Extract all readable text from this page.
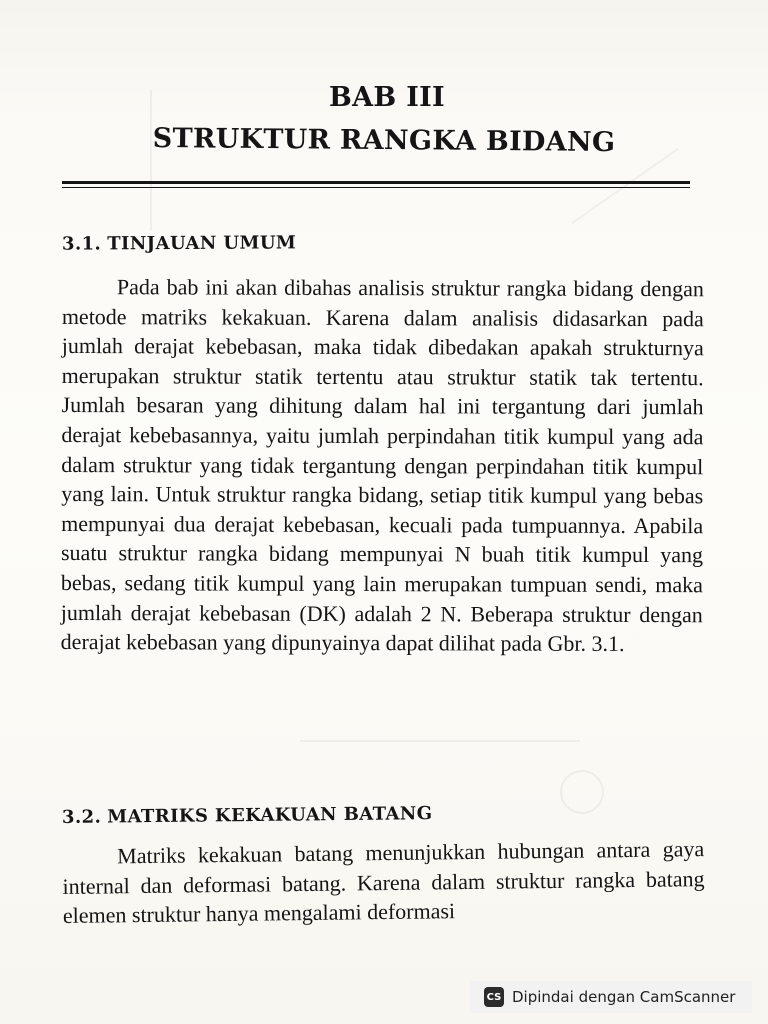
BAB III
STRUKTUR RANGKA BIDANG
3.1. TINJAUAN UMUM

Pada bab ini akan dibahas analisis struktur rangka bidang dengan metode matriks kekakuan. Karena dalam analisis didasarkan pada jumlah derajat kebebasan, maka tidak dibedakan apakah strukturnya merupakan struktur statik tertentu atau struktur statik tak tertentu. Jumlah besaran yang dihitung dalam hal ini tergantung dari jumlah derajat kebebasannya, yaitu jumlah perpindahan titik kumpul yang ada dalam struktur yang tidak tergantung dengan perpindahan titik kumpul yang lain. Untuk struktur rangka bidang, setiap titik kumpul yang bebas mempunyai dua derajat kebebasan, kecuali pada tumpuannya. Apabila suatu struktur rangka bidang mempunyai N buah titik kumpul yang bebas, sedang titik kumpul yang lain merupakan tumpuan sendi, maka jumlah derajat kebebasan (DK) adalah 2 N. Beberapa struktur dengan derajat kebebasan yang dipunyainya dapat dilihat pada Gbr. 3.1.

3.2. MATRIKS KEKAKUAN BATANG

Matriks kekakuan batang menunjukkan hubungan antara gaya internal dan deformasi batang. Karena dalam struktur rangka batang elemen struktur hanya mengalami deformasi

CS Dipindai dengan CamScanner
